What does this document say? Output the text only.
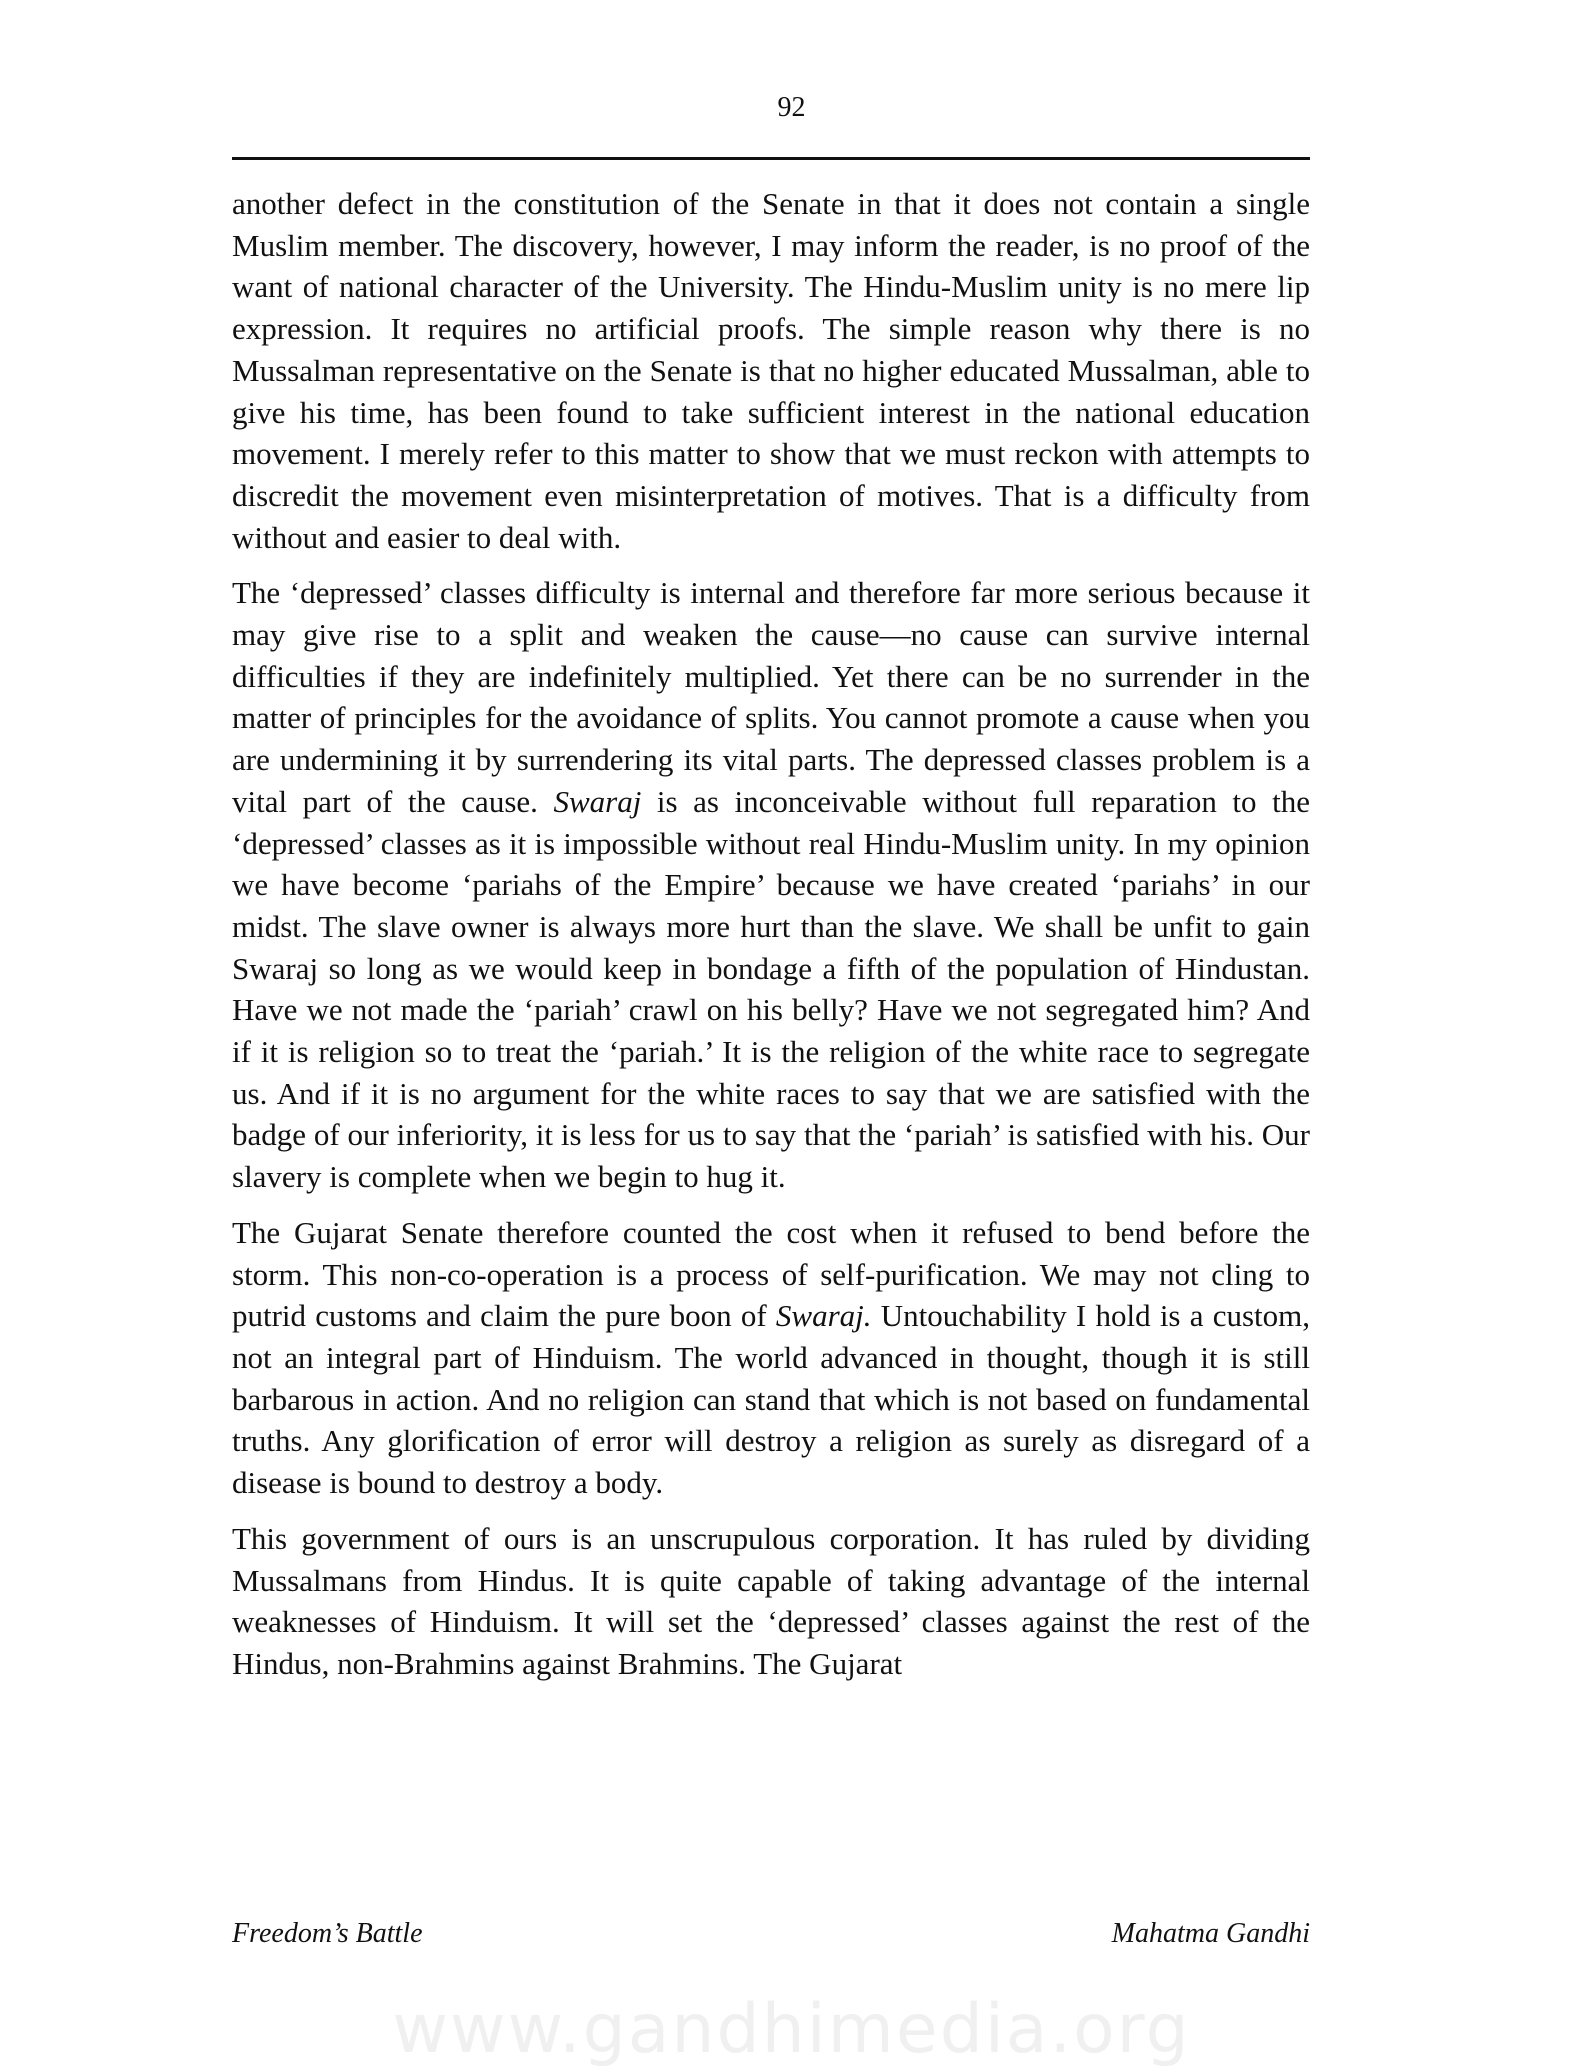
92

another defect in the constitution of the Senate in that it does not contain a single Muslim member. The discovery, however, I may inform the reader, is no proof of the want of national character of the University. The Hindu-Muslim unity is no mere lip expression. It requires no artificial proofs. The simple reason why there is no Mussalman representative on the Senate is that no higher educated Mussalman, able to give his time, has been found to take sufficient interest in the national education movement. I merely refer to this matter to show that we must reckon with attempts to discredit the movement even misinterpretation of motives. That is a difficulty from without and easier to deal with.

The ‘depressed’ classes difficulty is internal and therefore far more serious because it may give rise to a split and weaken the cause—no cause can survive internal difficulties if they are indefinitely multiplied. Yet there can be no surrender in the matter of principles for the avoidance of splits. You cannot promote a cause when you are undermining it by surrendering its vital parts. The depressed classes problem is a vital part of the cause. Swaraj is as inconceivable without full reparation to the ‘depressed’ classes as it is impossible without real Hindu-Muslim unity. In my opinion we have become ‘pariahs of the Empire’ because we have created ‘pariahs’ in our midst. The slave owner is always more hurt than the slave. We shall be unfit to gain Swaraj so long as we would keep in bondage a fifth of the population of Hindustan. Have we not made the ‘pariah’ crawl on his belly? Have we not segregated him? And if it is religion so to treat the ‘pariah.’ It is the religion of the white race to segregate us. And if it is no argument for the white races to say that we are satisfied with the badge of our inferiority, it is less for us to say that the ‘pariah’ is satisfied with his. Our slavery is complete when we begin to hug it.

The Gujarat Senate therefore counted the cost when it refused to bend before the storm. This non-co-operation is a process of self-purification. We may not cling to putrid customs and claim the pure boon of Swaraj. Untouchability I hold is a custom, not an integral part of Hinduism. The world advanced in thought, though it is still barbarous in action. And no religion can stand that which is not based on fundamental truths. Any glorification of error will destroy a religion as surely as disregard of a disease is bound to destroy a body.

This government of ours is an unscrupulous corporation. It has ruled by dividing Mussalmans from Hindus. It is quite capable of taking advantage of the internal weaknesses of Hinduism. It will set the ‘depressed’ classes against the rest of the Hindus, non-Brahmins against Brahmins. The Gujarat

Freedom’s Battle	Mahatma Gandhi
www.gandhimedia.org
